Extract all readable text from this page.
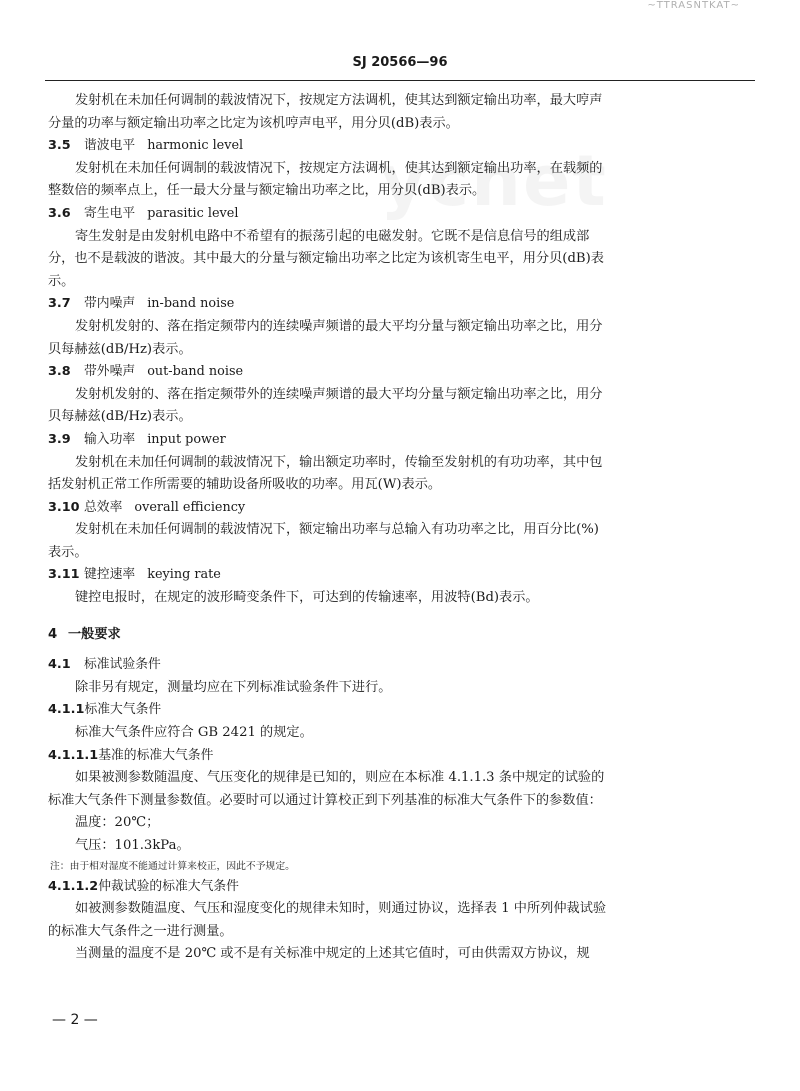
~TTRASNTKAT~
SJ 20566—96

发射机在未加任何调制的载波情况下，按规定方法调机，使其达到额定输出功率，最大哼声分量的功率与额定输出功率之比定为该机哼声电平，用分贝(dB)表示。

3.5 谐波电平 harmonic level

发射机在未加任何调制的载波情况下，按规定方法调机，使其达到额定输出功率，在载频的整数倍的频率点上，任一最大分量与额定输出功率之比，用分贝(dB)表示。

3.6 寄生电平 parasitic level

寄生发射是由发射机电路中不希望有的振荡引起的电磁发射。它既不是信息信号的组成部分，也不是载波的谐波。其中最大的分量与额定输出功率之比定为该机寄生电平，用分贝(dB)表示。

3.7 带内噪声 in-band noise

发射机发射的、落在指定频带内的连续噪声频谱的最大平均分量与额定输出功率之比，用分贝每赫兹(dB/Hz)表示。

3.8 带外噪声 out-band noise

发射机发射的、落在指定频带外的连续噪声频谱的最大平均分量与额定输出功率之比，用分贝每赫兹(dB/Hz)表示。

3.9 输入功率 input power

发射机在未加任何调制的载波情况下，输出额定功率时，传输至发射机的有功功率，其中包括发射机正常工作所需要的辅助设备所吸收的功率。用瓦(W)表示。

3.10 总效率 overall efficiency

发射机在未加任何调制的载波情况下，额定输出功率与总输入有功功率之比，用百分比(%)表示。

3.11 键控速率 keying rate

键控电报时，在规定的波形畸变条件下，可达到的传输速率，用波特(Bd)表示。

4 一般要求

4.1 标准试验条件

除非另有规定，测量均应在下列标准试验条件下进行。

4.1.1标准大气条件

标准大气条件应符合 GB 2421 的规定。

4.1.1.1基准的标准大气条件

如果被测参数随温度、气压变化的规律是已知的，则应在本标准 4.1.1.3 条中规定的试验的标准大气条件下测量参数值。必要时可以通过计算校正到下列基准的标准大气条件下的参数值：

温度：20℃；

气压：101.3kPa。

注：由于相对湿度不能通过计算来校正，因此不予规定。

4.1.1.2仲裁试验的标准大气条件

如被测参数随温度、气压和湿度变化的规律未知时，则通过协议，选择表 1 中所列仲裁试验的标准大气条件之一进行测量。

当测量的温度不是 20℃ 或不是有关标准中规定的上述其它值时，可由供需双方协议，规

— 2 —
